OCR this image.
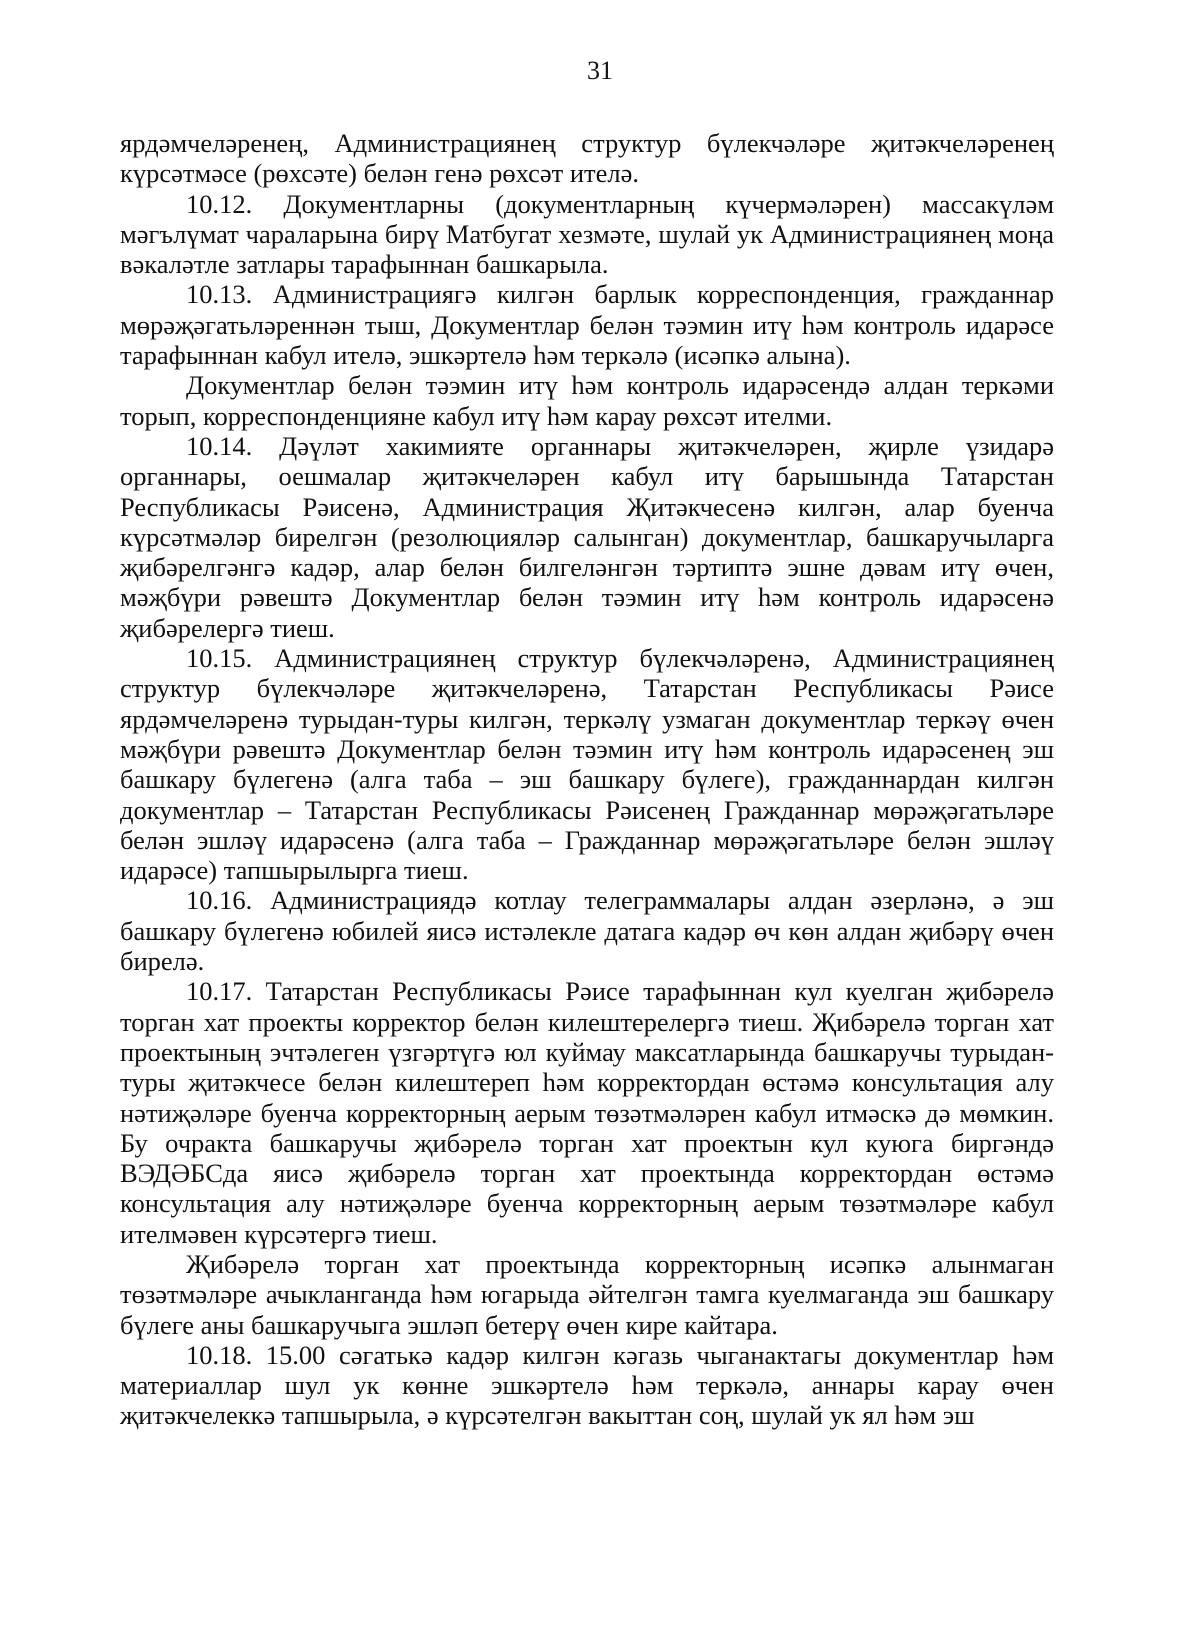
31

ярдәмчеләренең, Администрациянең структур бүлекчәләре җитәкчеләренең күрсәтмәсе (рөхсәте) белән генә рөхсәт ителә.

10.12. Документларны (документларның күчермәләрен) массакүләм мәгълүмат чараларына бирү Матбугат хезмәте, шулай ук Администрациянең моңа вәкаләтле затлары тарафыннан башкарыла.

10.13. Администрациягә килгән барлык корреспонденция, гражданнар мөрәҗәгатьләреннән тыш, Документлар белән тәэмин итү һәм контроль идарәсе тарафыннан кабул ителә, эшкәртелә һәм теркәлә (исәпкә алына).

Документлар белән тәэмин итү һәм контроль идарәсендә алдан теркәми торып, корреспонденцияне кабул итү һәм карау рөхсәт ителми.

10.14. Дәүләт хакимияте органнары җитәкчеләрен, җирле үзидарә органнары, оешмалар җитәкчеләрен кабул итү барышында Татарстан Республикасы Рәисенә, Администрация Җитәкчесенә килгән, алар буенча күрсәтмәләр бирелгән (резолюцияләр салынган) документлар, башкаручыларга җибәрелгәнгә кадәр, алар белән билгеләнгән тәртиптә эшне дәвам итү өчен, мәҗбүри рәвештә Документлар белән тәэмин итү һәм контроль идарәсенә җибәрелергә тиеш.

10.15. Администрациянең структур бүлекчәләренә, Администрациянең структур бүлекчәләре җитәкчеләренә, Татарстан Республикасы Рәисе ярдәмчеләренә турыдан-туры килгән, теркәлү узмаган документлар теркәү өчен мәҗбүри рәвештә Документлар белән тәэмин итү һәм контроль идарәсенең эш башкару бүлегенә (алга таба – эш башкару бүлеге), гражданнардан килгән документлар – Татарстан Республикасы Рәисенең Гражданнар мөрәҗәгатьләре белән эшләү идарәсенә (алга таба – Гражданнар мөрәҗәгатьләре белән эшләү идарәсе) тапшырылырга тиеш.

10.16. Администрациядә котлау телеграммалары алдан әзерләнә, ә эш башкару бүлегенә юбилей яисә истәлекле датага кадәр өч көн алдан җибәрү өчен бирелә.

10.17. Татарстан Республикасы Рәисе тарафыннан кул куелган җибәрелә торган хат проекты корректор белән килештерелергә тиеш. Җибәрелә торган хат проектының эчтәлеген үзгәртүгә юл куймау максатларында башкаручы турыдан-туры җитәкчесе белән килештереп һәм корректордан өстәмә консультация алу нәтиҗәләре буенча корректорның аерым төзәтмәләрен кабул итмәскә дә мөмкин. Бу очракта башкаручы җибәрелә торган хат проектын кул куюга биргәндә ВЭДӘБСда яисә җибәрелә торган хат проектында корректордан өстәмә консультация алу нәтиҗәләре буенча корректорның аерым төзәтмәләре кабул ителмәвен күрсәтергә тиеш.

Җибәрелә торган хат проектында корректорның исәпкә алынмаган төзәтмәләре ачыкланганда һәм югарыда әйтелгән тамга куелмаганда эш башкару бүлеге аны башкаручыга эшләп бетерү өчен кире кайтара.

10.18. 15.00 сәгатькә кадәр килгән кәгазь чыганактагы документлар һәм материаллар шул ук көнне эшкәртелә һәм теркәлә, аннары карау өчен җитәкчелеккә тапшырыла, ә күрсәтелгән вакыттан соң, шулай ук ял һәм эш
